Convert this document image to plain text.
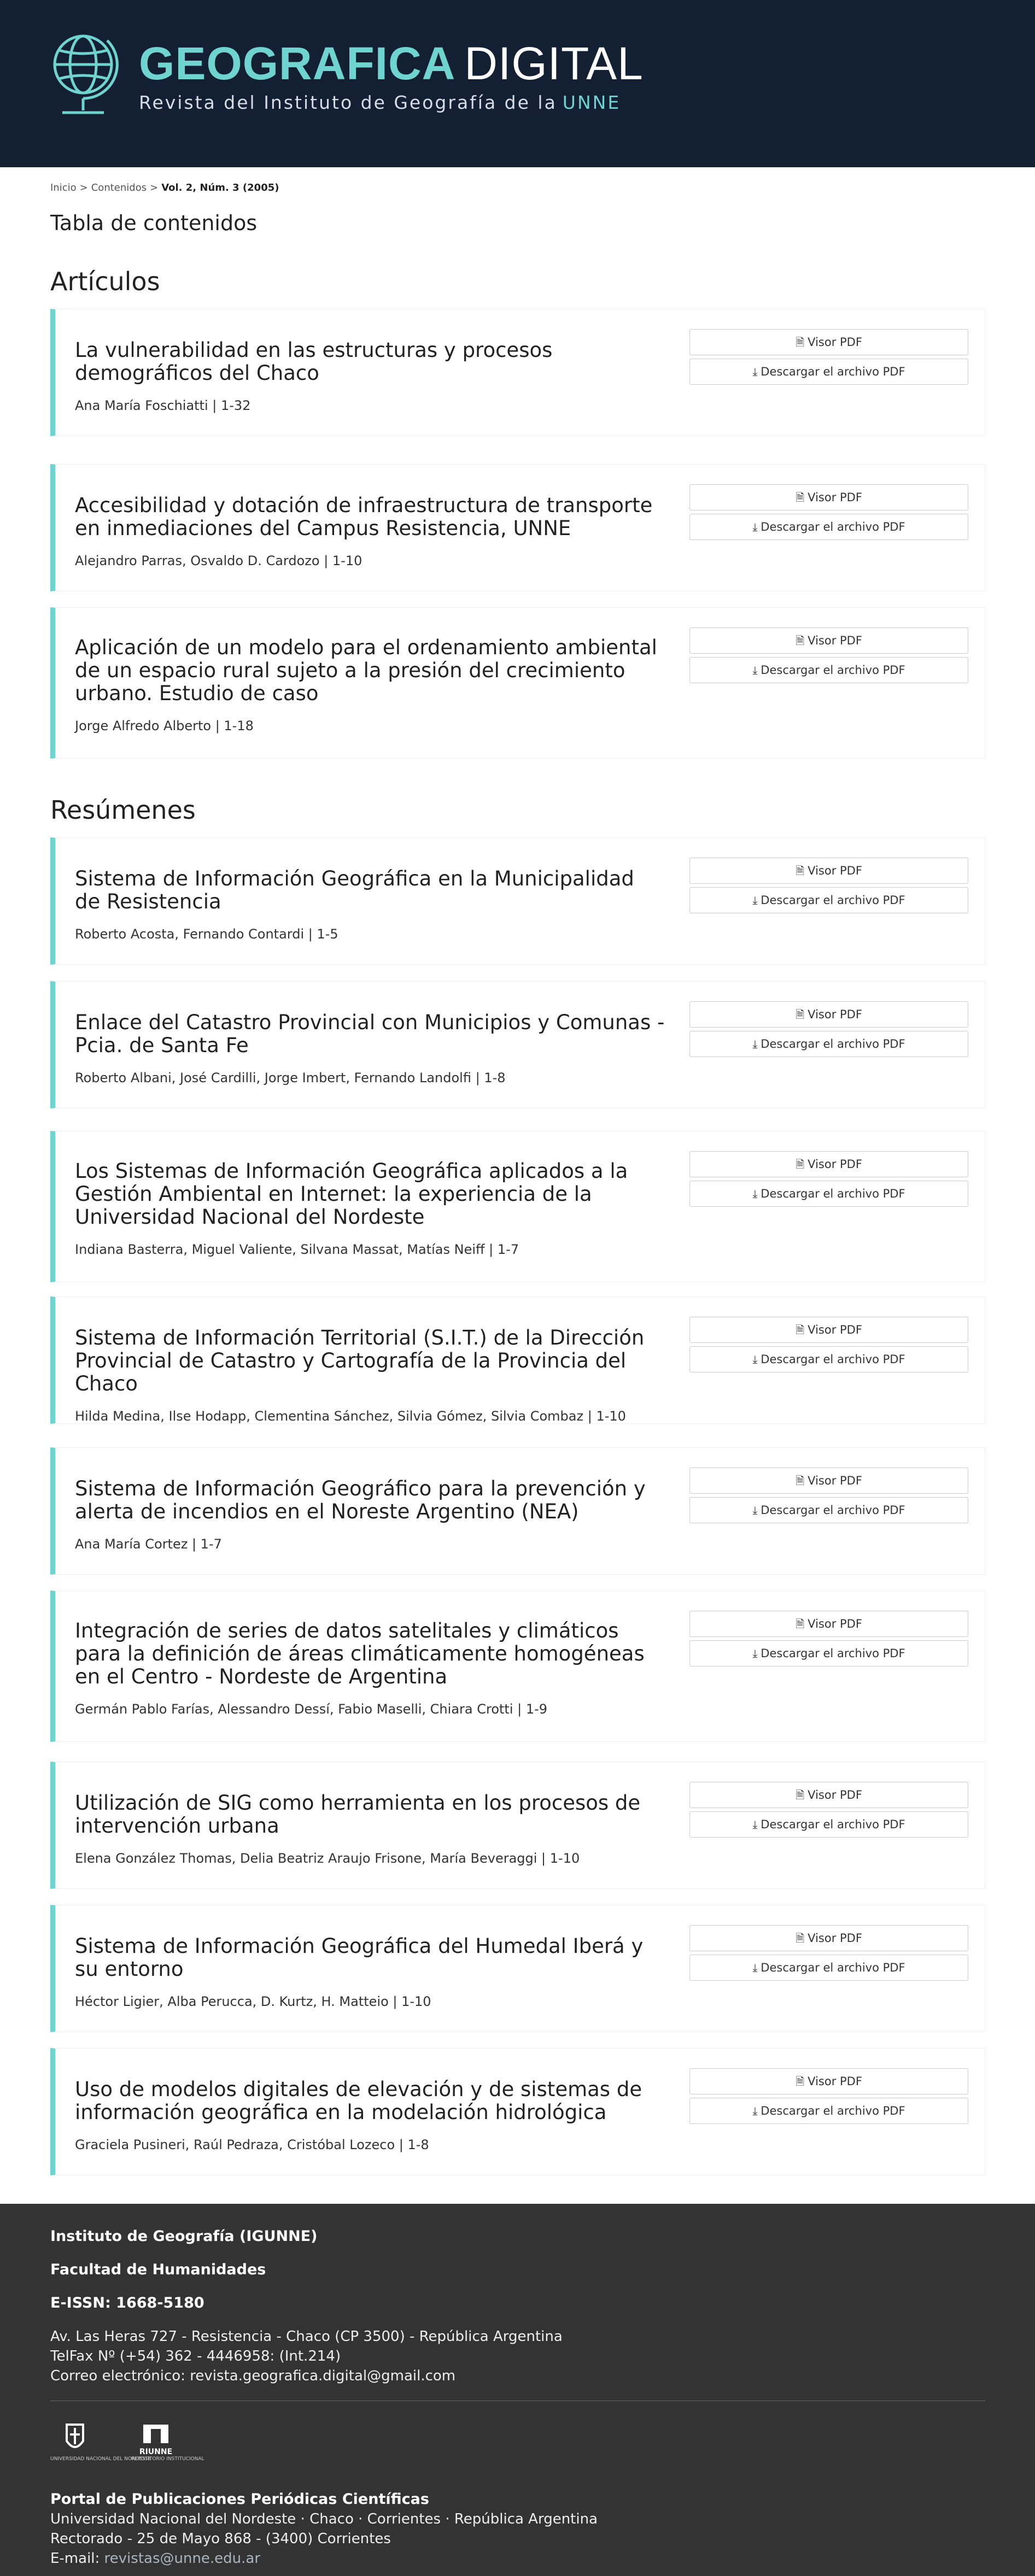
GEOGRAFICA DIGITAL
Revista del Instituto de Geografía de la UNNE
Inicio > Contenidos > Vol. 2, Núm. 3 (2005)
Tabla de contenidos
Artículos
La vulnerabilidad en las estructuras y procesos demográficos del Chaco
Ana María Foschiatti | 1-32
🗎 Visor PDF
⤓ Descargar el archivo PDF
Accesibilidad y dotación de infraestructura de transporte en inmediaciones del Campus Resistencia, UNNE
Alejandro Parras, Osvaldo D. Cardozo | 1-10
🗎 Visor PDF
⤓ Descargar el archivo PDF
Aplicación de un modelo para el ordenamiento ambiental de un espacio rural sujeto a la presión del crecimiento urbano. Estudio de caso
Jorge Alfredo Alberto | 1-18
🗎 Visor PDF
⤓ Descargar el archivo PDF
Resúmenes
Sistema de Información Geográfica en la Municipalidad de Resistencia
Roberto Acosta, Fernando Contardi | 1-5
🗎 Visor PDF
⤓ Descargar el archivo PDF
Enlace del Catastro Provincial con Municipios y Comunas - Pcia. de Santa Fe
Roberto Albani, José Cardilli, Jorge Imbert, Fernando Landolfi | 1-8
🗎 Visor PDF
⤓ Descargar el archivo PDF
Los Sistemas de Información Geográfica aplicados a la Gestión Ambiental en Internet: la experiencia de la Universidad Nacional del Nordeste
Indiana Basterra, Miguel Valiente, Silvana Massat, Matías Neiff | 1-7
🗎 Visor PDF
⤓ Descargar el archivo PDF
Sistema de Información Territorial (S.I.T.) de la Dirección Provincial de Catastro y Cartografía de la Provincia del Chaco
Hilda Medina, Ilse Hodapp, Clementina Sánchez, Silvia Gómez, Silvia Combaz | 1-10
🗎 Visor PDF
⤓ Descargar el archivo PDF
Sistema de Información Geográfico para la prevención y alerta de incendios en el Noreste Argentino (NEA)
Ana María Cortez | 1-7
🗎 Visor PDF
⤓ Descargar el archivo PDF
Integración de series de datos satelitales y climáticos para la definición de áreas climáticamente homogéneas en el Centro - Nordeste de Argentina
Germán Pablo Farías, Alessandro Dessí, Fabio Maselli, Chiara Crotti | 1-9
🗎 Visor PDF
⤓ Descargar el archivo PDF
Utilización de SIG como herramienta en los procesos de intervención urbana
Elena González Thomas, Delia Beatriz Araujo Frisone, María Beveraggi | 1-10
🗎 Visor PDF
⤓ Descargar el archivo PDF
Sistema de Información Geográfica del Humedal Iberá y su entorno
Héctor Ligier, Alba Perucca, D. Kurtz, H. Matteio | 1-10
🗎 Visor PDF
⤓ Descargar el archivo PDF
Uso de modelos digitales de elevación y de sistemas de información geográfica en la modelación hidrológica
Graciela Pusineri, Raúl Pedraza, Cristóbal Lozeco | 1-8
🗎 Visor PDF
⤓ Descargar el archivo PDF
Instituto de Geografía (IGUNNE)
Facultad de Humanidades
E-ISSN: 1668-5180
Av. Las Heras 727 - Resistencia - Chaco (CP 3500) - República Argentina
TelFax Nº (+54) 362 - 4446958: (Int.214)
Correo electrónico: revista.geografica.digital@gmail.com
UNIVERSIDAD NACIONAL DEL NORDESTE
RIUNNE
REPOSITORIO INSTITUCIONAL
Portal de Publicaciones Periódicas Científicas
Universidad Nacional del Nordeste · Chaco · Corrientes · República Argentina
Rectorado - 25 de Mayo 868 - (3400) Corrientes
E-mail: revistas@unne.edu.ar
